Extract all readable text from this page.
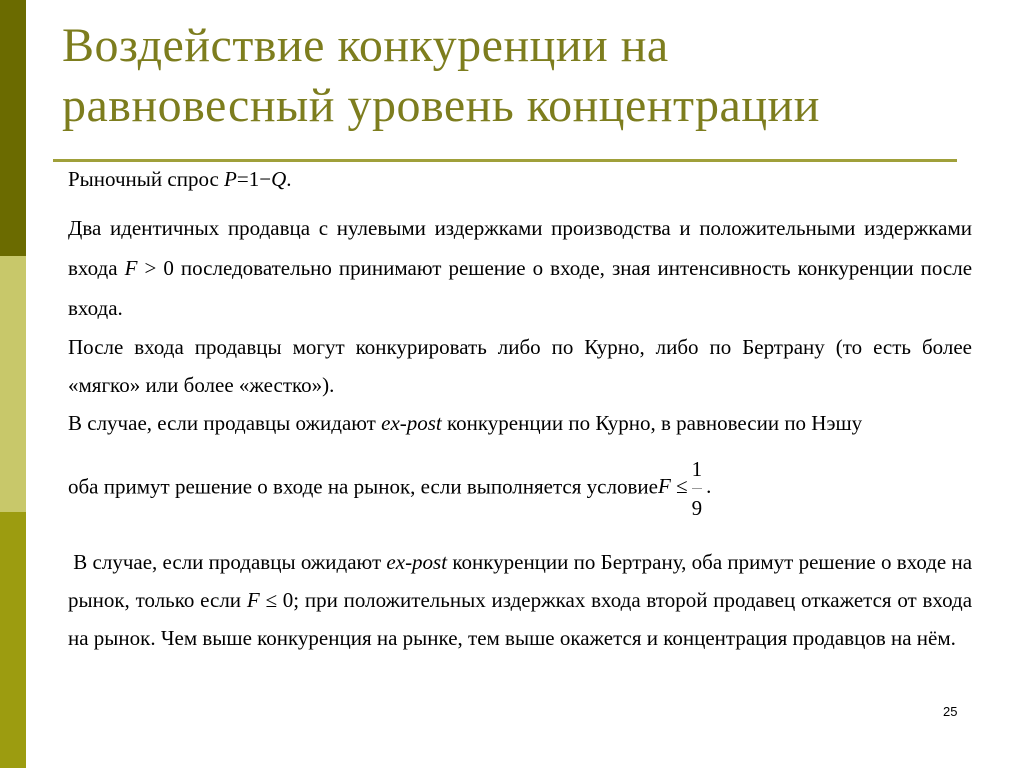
Воздействие конкуренции на
равновесный уровень концентрации

Рыночный спрос P=1−Q.

Два идентичных продавца с нулевыми издержками производства и положительными издержками входа F > 0 последовательно принимают решение о входе, зная интенсивность конкуренции после входа.

После входа продавцы могут конкурировать либо по Курно, либо по Бертрану (то есть более «мягко» или более «жестко»).

В случае, если продавцы ожидают ex-post конкуренции по Курно, в равновесии по Нэшу

оба примут решение о входе на рынок, если выполняется условиеF ≤ $\frac{1}{9}$ .

В случае, если продавцы ожидают ex-post конкуренции по Бертрану, оба примут решение о входе на рынок, только если F ≤ 0; при положительных издержках входа второй продавец откажется от входа на рынок. Чем выше конкуренция на рынке, тем выше окажется и концентрация продавцов на нём.

25
